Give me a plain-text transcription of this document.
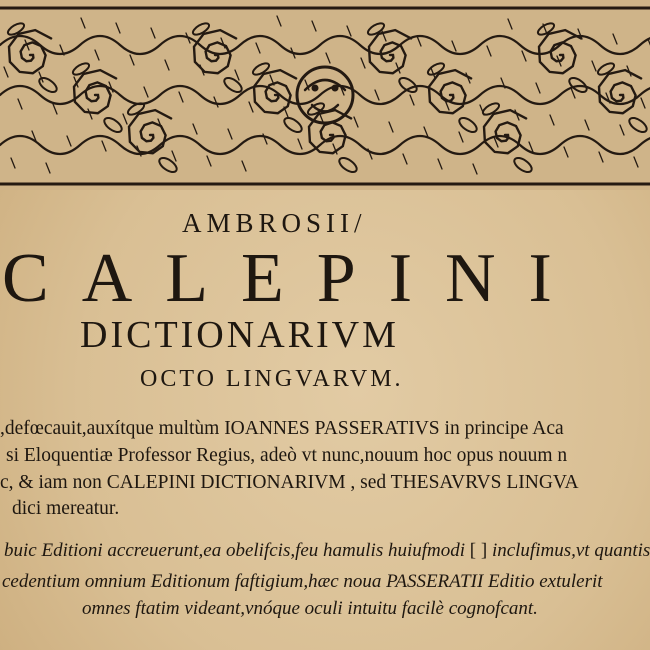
AMBROSII/

CALEPINI

DICTIONARIVM

OCTO LINGVARVM.

,defœcauit,auxítque multùm IOANNES PASSERATIVS in principe Aca

si Eloquentiæ Professor Regius, adeò vt nunc,nouum hoc opus nouum n

c, & iam non CALEPINI DICTIONARIVM , sed THESAVRVS LINGVA

dici mereatur.

buic Editioni accreuerunt,ea obelifcis,feu hamulis huiufmodi [ ] inclufimus,vt quantis

cedentium omnium Editionum faftigium,hæc noua PASSERATII Editio extulerit

omnes ftatim videant,vnóque oculi intuitu facilè cognofcant.
